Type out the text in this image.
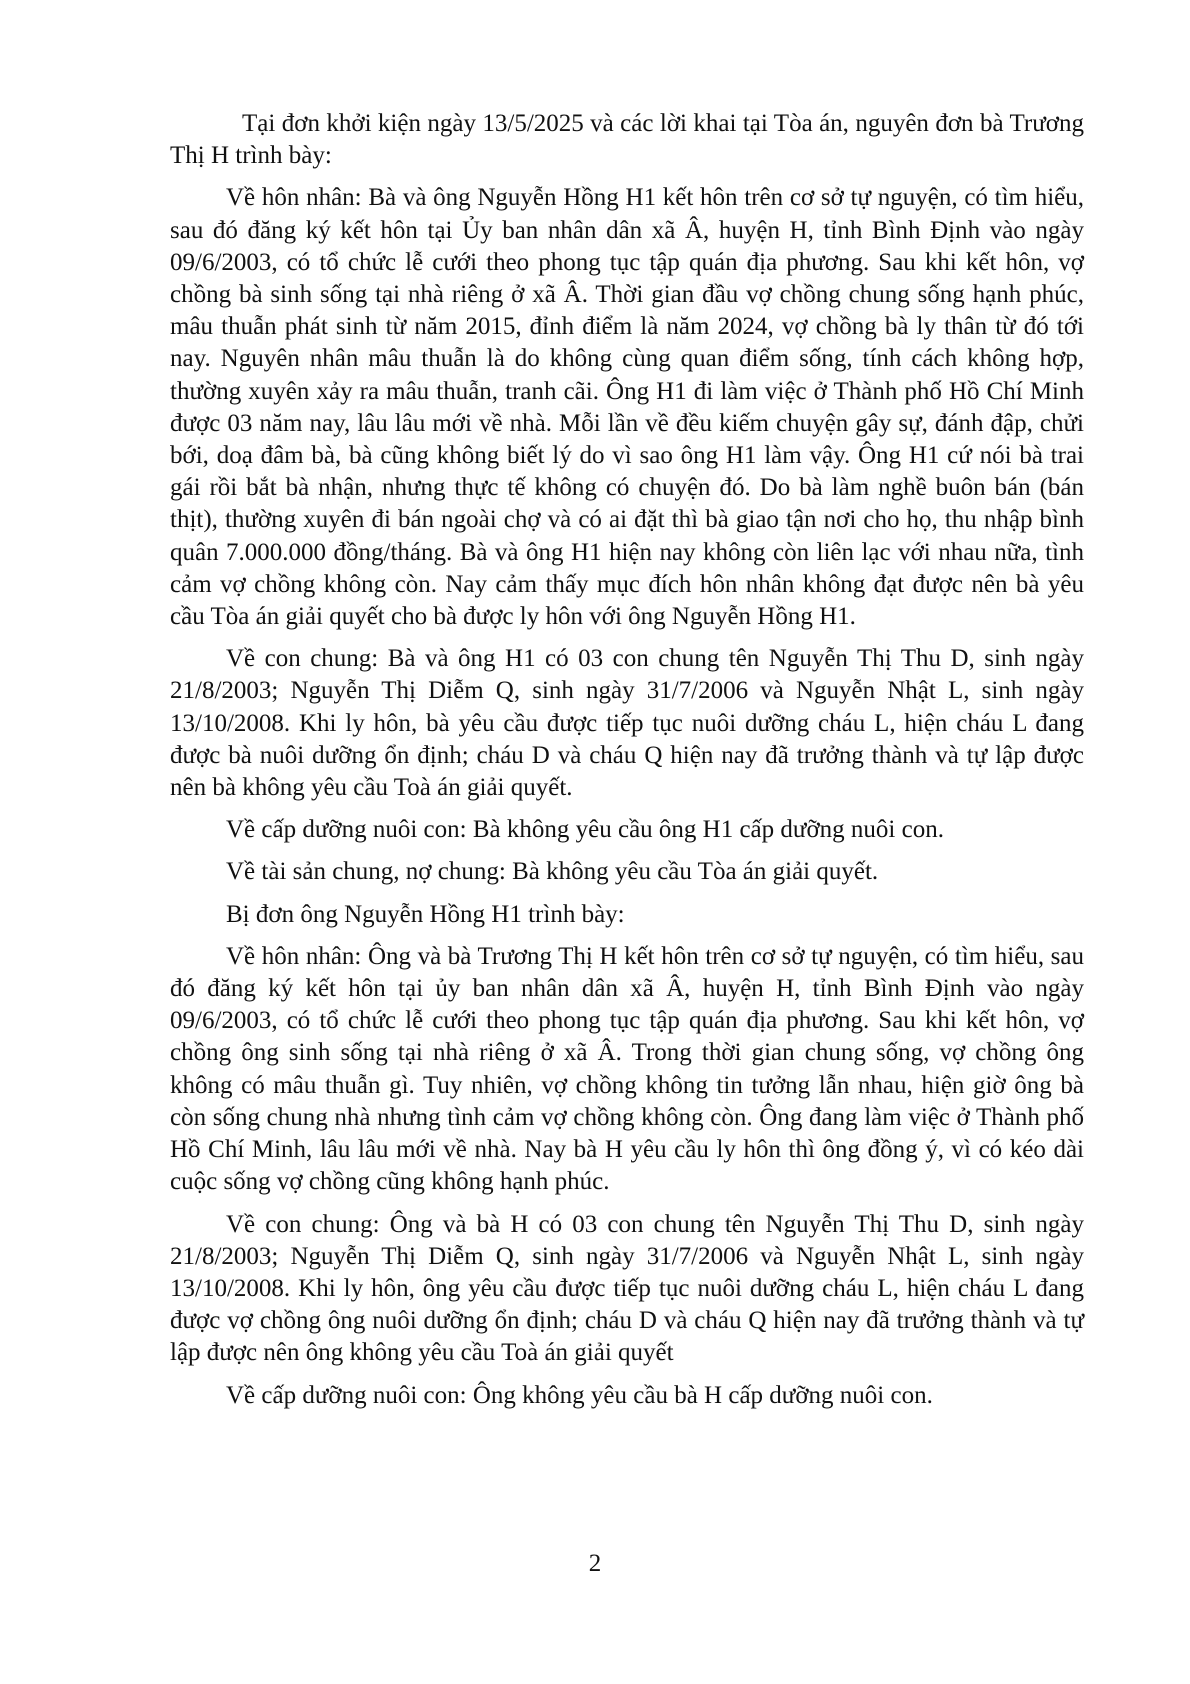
Tại đơn khởi kiện ngày 13/5/2025 và các lời khai tại Tòa án, nguyên đơn bà Trương Thị H trình bày:

Về hôn nhân: Bà và ông Nguyễn Hồng H1 kết hôn trên cơ sở tự nguyện, có tìm hiểu, sau đó đăng ký kết hôn tại Ủy ban nhân dân xã Â, huyện H, tỉnh Bình Định vào ngày 09/6/2003, có tổ chức lễ cưới theo phong tục tập quán địa phương. Sau khi kết hôn, vợ chồng bà sinh sống tại nhà riêng ở xã Â. Thời gian đầu vợ chồng chung sống hạnh phúc, mâu thuẫn phát sinh từ năm 2015, đỉnh điểm là năm 2024, vợ chồng bà ly thân từ đó tới nay. Nguyên nhân mâu thuẫn là do không cùng quan điểm sống, tính cách không hợp, thường xuyên xảy ra mâu thuẫn, tranh cãi. Ông H1 đi làm việc ở Thành phố Hồ Chí Minh được 03 năm nay, lâu lâu mới về nhà. Mỗi lần về đều kiếm chuyện gây sự, đánh đập, chửi bới, doạ đâm bà, bà cũng không biết lý do vì sao ông H1 làm vậy. Ông H1 cứ nói bà trai gái rồi bắt bà nhận, nhưng thực tế không có chuyện đó. Do bà làm nghề buôn bán (bán thịt), thường xuyên đi bán ngoài chợ và có ai đặt thì bà giao tận nơi cho họ, thu nhập bình quân 7.000.000 đồng/tháng. Bà và ông H1 hiện nay không còn liên lạc với nhau nữa, tình cảm vợ chồng không còn. Nay cảm thấy mục đích hôn nhân không đạt được nên bà yêu cầu Tòa án giải quyết cho bà được ly hôn với ông Nguyễn Hồng H1.

Về con chung: Bà và ông H1 có 03 con chung tên Nguyễn Thị Thu D, sinh ngày 21/8/2003; Nguyễn Thị Diễm Q, sinh ngày 31/7/2006 và Nguyễn Nhật L, sinh ngày 13/10/2008. Khi ly hôn, bà yêu cầu được tiếp tục nuôi dưỡng cháu L, hiện cháu L đang được bà nuôi dưỡng ổn định; cháu D và cháu Q hiện nay đã trưởng thành và tự lập được nên bà không yêu cầu Toà án giải quyết.

Về cấp dưỡng nuôi con: Bà không yêu cầu ông H1 cấp dưỡng nuôi con.

Về tài sản chung, nợ chung: Bà không yêu cầu Tòa án giải quyết.

Bị đơn ông Nguyễn Hồng H1 trình bày:

Về hôn nhân: Ông và bà Trương Thị H kết hôn trên cơ sở tự nguyện, có tìm hiểu, sau đó đăng ký kết hôn tại ủy ban nhân dân xã Â, huyện H, tỉnh Bình Định vào ngày 09/6/2003, có tổ chức lễ cưới theo phong tục tập quán địa phương. Sau khi kết hôn, vợ chồng ông sinh sống tại nhà riêng ở xã Â. Trong thời gian chung sống, vợ chồng ông không có mâu thuẫn gì. Tuy nhiên, vợ chồng không tin tưởng lẫn nhau, hiện giờ ông bà còn sống chung nhà nhưng tình cảm vợ chồng không còn. Ông đang làm việc ở Thành phố Hồ Chí Minh, lâu lâu mới về nhà. Nay bà H yêu cầu ly hôn thì ông đồng ý, vì có kéo dài cuộc sống vợ chồng cũng không hạnh phúc.

Về con chung: Ông và bà H có 03 con chung tên Nguyễn Thị Thu D, sinh ngày 21/8/2003; Nguyễn Thị Diễm Q, sinh ngày 31/7/2006 và Nguyễn Nhật L, sinh ngày 13/10/2008. Khi ly hôn, ông yêu cầu được tiếp tục nuôi dưỡng cháu L, hiện cháu L đang được vợ chồng ông nuôi dưỡng ổn định; cháu D và cháu Q hiện nay đã trưởng thành và tự lập được nên ông không yêu cầu Toà án giải quyết

Về cấp dưỡng nuôi con: Ông không yêu cầu bà H cấp dưỡng nuôi con.

2
